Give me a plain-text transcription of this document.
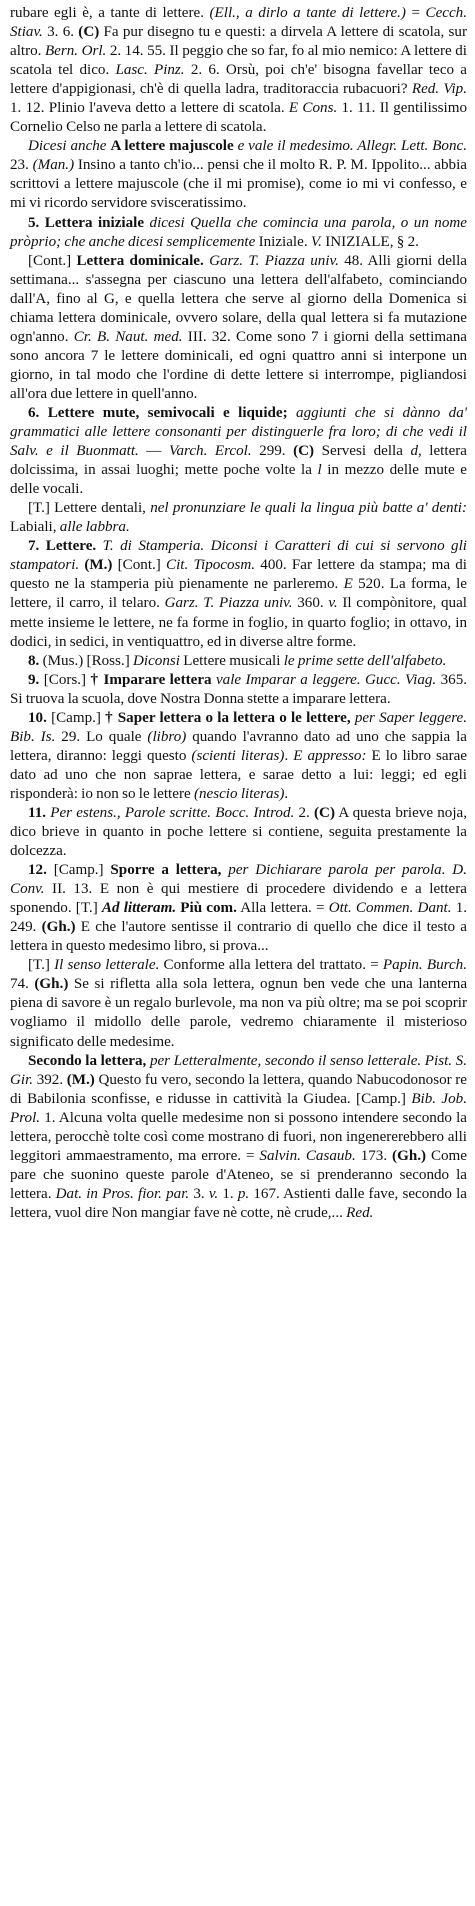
rubare egli è, a tante di lettere. (Ell., a dirlo a tante di lettere.) = Cecch. Stiav. 3. 6. (C) Fa pur disegno tu e questi: a dirvela A lettere di scatola, sur altro. Bern. Orl. 2. 14. 55. Il peggio che so far, fo al mio nemico: A lettere di scatola tel dico. Lasc. Pinz. 2. 6. Orsù, poi ch'e' bisogna favellar teco a lettere d'appigionasi, ch'è di quella ladra, traditoraccia rubacuori? Red. Vip. 1. 12. Plinio l'aveva detto a lettere di scatola. E Cons. 1. 11. Il gentilissimo Cornelio Celso ne parla a lettere di scatola.

Dicesi anche A lettere majuscole e vale il medesimo. Allegr. Lett. Bonc. 23. (Man.) Insino a tanto ch'io... pensi che il molto R. P. M. Ippolito... abbia scrittovi a lettere majuscole (che il mi promise), come io mi vi confesso, e mi vi ricordo servidore svisceratissimo.

5. Lettera iniziale dicesi Quella che comincia una parola, o un nome pròprio; che anche dicesi semplicemente Iniziale. V. INIZIALE, § 2.

[Cont.] Lettera dominicale. Garz. T. Piazza univ. 48. Alli giorni della settimana... s'assegna per ciascuno una lettera dell'alfabeto, cominciando dall'A, fino al G, e quella lettera che serve al giorno della Domenica si chiama lettera dominicale, ovvero solare, della qual lettera si fa mutazione ogn'anno. Cr. B. Naut. med. III. 32. Come sono 7 i giorni della settimana sono ancora 7 le lettere dominicali, ed ogni quattro anni si interpone un giorno, in tal modo che l'ordine di dette lettere si interrompe, pigliandosi all'ora due lettere in quell'anno.

6. Lettere mute, semivocali e liquide; aggiunti che si dànno da' grammatici alle lettere consonanti per distinguerle fra loro; di che vedi il Salv. e il Buonmatt. — Varch. Ercol. 299. (C) Servesi della d, lettera dolcissima, in assai luoghi; mette poche volte la l in mezzo delle mute e delle vocali.

[T.] Lettere dentali, nel pronunziare le quali la lingua più batte a' denti: Labiali, alle labbra.

7. Lettere. T. di Stamperia. Diconsi i Caratteri di cui si servono gli stampatori. (M.) [Cont.] Cit. Tipocosm. 400. Far lettere da stampa; ma di questo ne la stamperia più pienamente ne parleremo. E 520. La forma, le lettere, il carro, il telaro. Garz. T. Piazza univ. 360. v. Il compònitore, qual mette insieme le lettere, ne fa forme in foglio, in quarto foglio; in ottavo, in dodici, in sedici, in ventiquattro, ed in diverse altre forme.

8. (Mus.) [Ross.] Diconsi Lettere musicali le prime sette dell'alfabeto.

9. [Cors.] † Imparare lettera vale Imparar a leggere. Gucc. Viag. 365. Si truova la scuola, dove Nostra Donna stette a imparare lettera.

10. [Camp.] † Saper lettera o la lettera o le lettere, per Saper leggere. Bib. Is. 29. Lo quale (libro) quando l'avranno dato ad uno che sappia la lettera, diranno: leggi questo (scienti literas). E appresso: E lo libro sarae dato ad uno che non saprae lettera, e sarae detto a lui: leggi; ed egli risponderà: io non so le lettere (nescio literas).

11. Per estens., Parole scritte. Bocc. Introd. 2. (C) A questa brieve noja, dico brieve in quanto in poche lettere si contiene, seguita prestamente la dolcezza.

12. [Camp.] Sporre a lettera, per Dichiarare parola per parola. D. Conv. II. 13. E non è qui mestiere di procedere dividendo e a lettera sponendo. [T.] Ad litteram. Più com. Alla lettera. = Ott. Commen. Dant. 1. 249. (Gh.) E che l'autore sentisse il contrario di quello che dice il testo a lettera in questo medesimo libro, si prova...

[T.] Il senso letterale. Conforme alla lettera del trattato. = Papin. Burch. 74. (Gh.) Se si rifletta alla sola lettera, ognun ben vede che una lanterna piena di savore è un regalo burlevole, ma non va più oltre; ma se poi scoprir vogliamo il midollo delle parole, vedremo chiaramente il misterioso significato delle medesime.

Secondo la lettera, per Letteralmente, secondo il senso letterale. Pist. S. Gir. 392. (M.) Questo fu vero, secondo la lettera, quando Nabucodonosor re di Babilonia sconfisse, e ridusse in cattività la Giudea. [Camp.] Bib. Job. Prol. 1. Alcuna volta quelle medesime non si possono intendere secondo la lettera, perocchè tolte così come mostrano di fuori, non ingenererebbero alli leggitori ammaestramento, ma errore. = Salvin. Casaub. 173. (Gh.) Come pare che suonino queste parole d'Ateneo, se si prenderanno secondo la lettera. Dat. in Pros. fior. par. 3. v. 1. p. 167. Astienti dalle fave, secondo la lettera, vuol dire Non mangiar fave nè cotte, nè crude,... Red.
